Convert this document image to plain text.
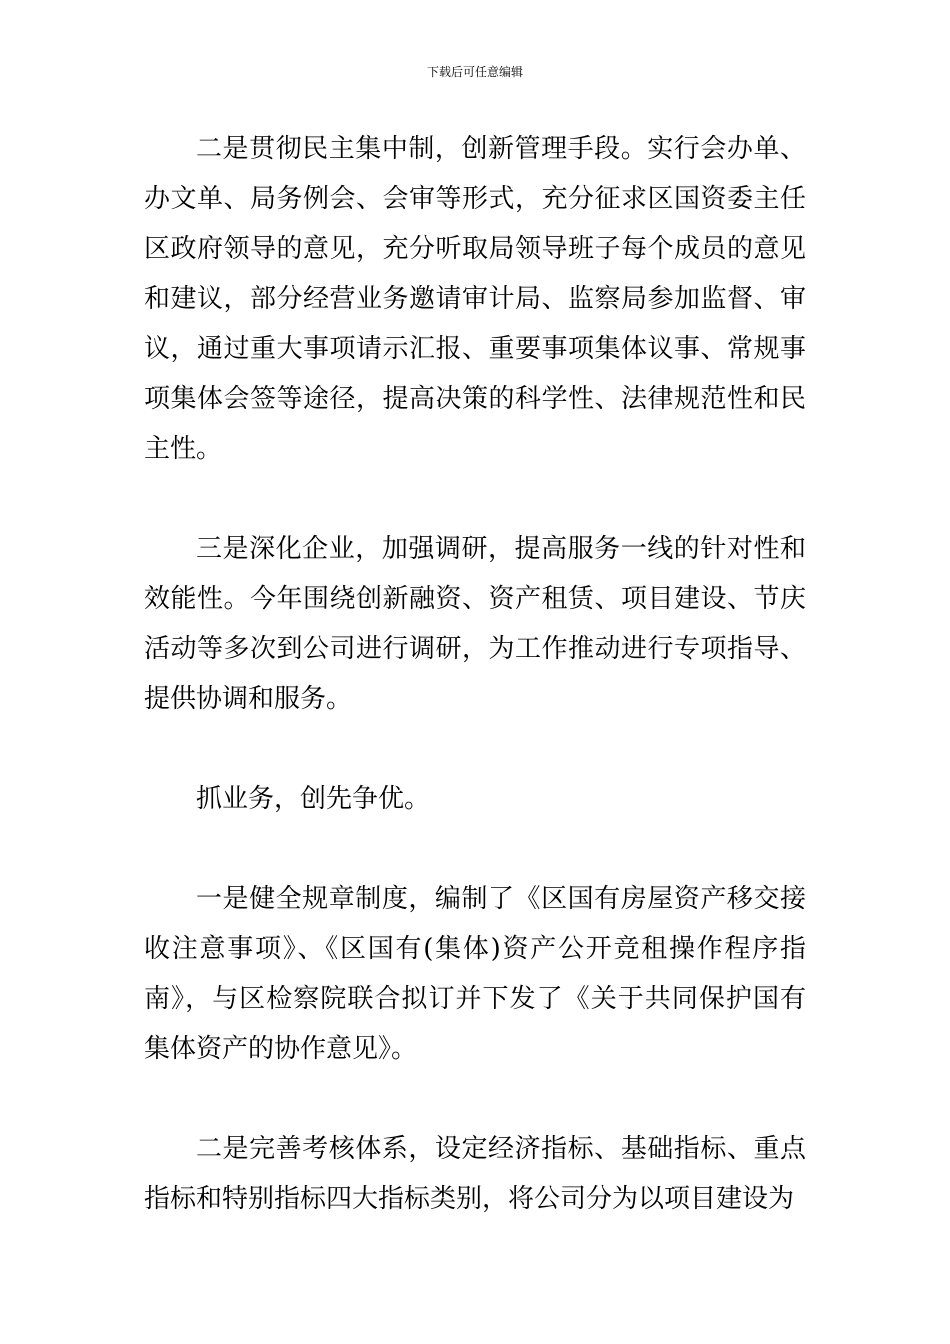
下载后可任意编辑

二是贯彻民主集中制，创新管理手段。实行会办单、办文单、局务例会、会审等形式，充分征求区国资委主任区政府领导的意见，充分听取局领导班子每个成员的意见和建议，部分经营业务邀请审计局、监察局参加监督、审议，通过重大事项请示汇报、重要事项集体议事、常规事项集体会签等途径，提高决策的科学性、法律规范性和民主性。

三是深化企业，加强调研，提高服务一线的针对性和效能性。今年围绕创新融资、资产租赁、项目建设、节庆活动等多次到公司进行调研，为工作推动进行专项指导、提供协调和服务。

抓业务，创先争优。

一是健全规章制度，编制了《区国有房屋资产移交接收注意事项》、《区国有(集体)资产公开竞租操作程序指南》，与区检察院联合拟订并下发了《关于共同保护国有集体资产的协作意见》。

二是完善考核体系，设定经济指标、基础指标、重点指标和特别指标四大指标类别，将公司分为以项目建设为
